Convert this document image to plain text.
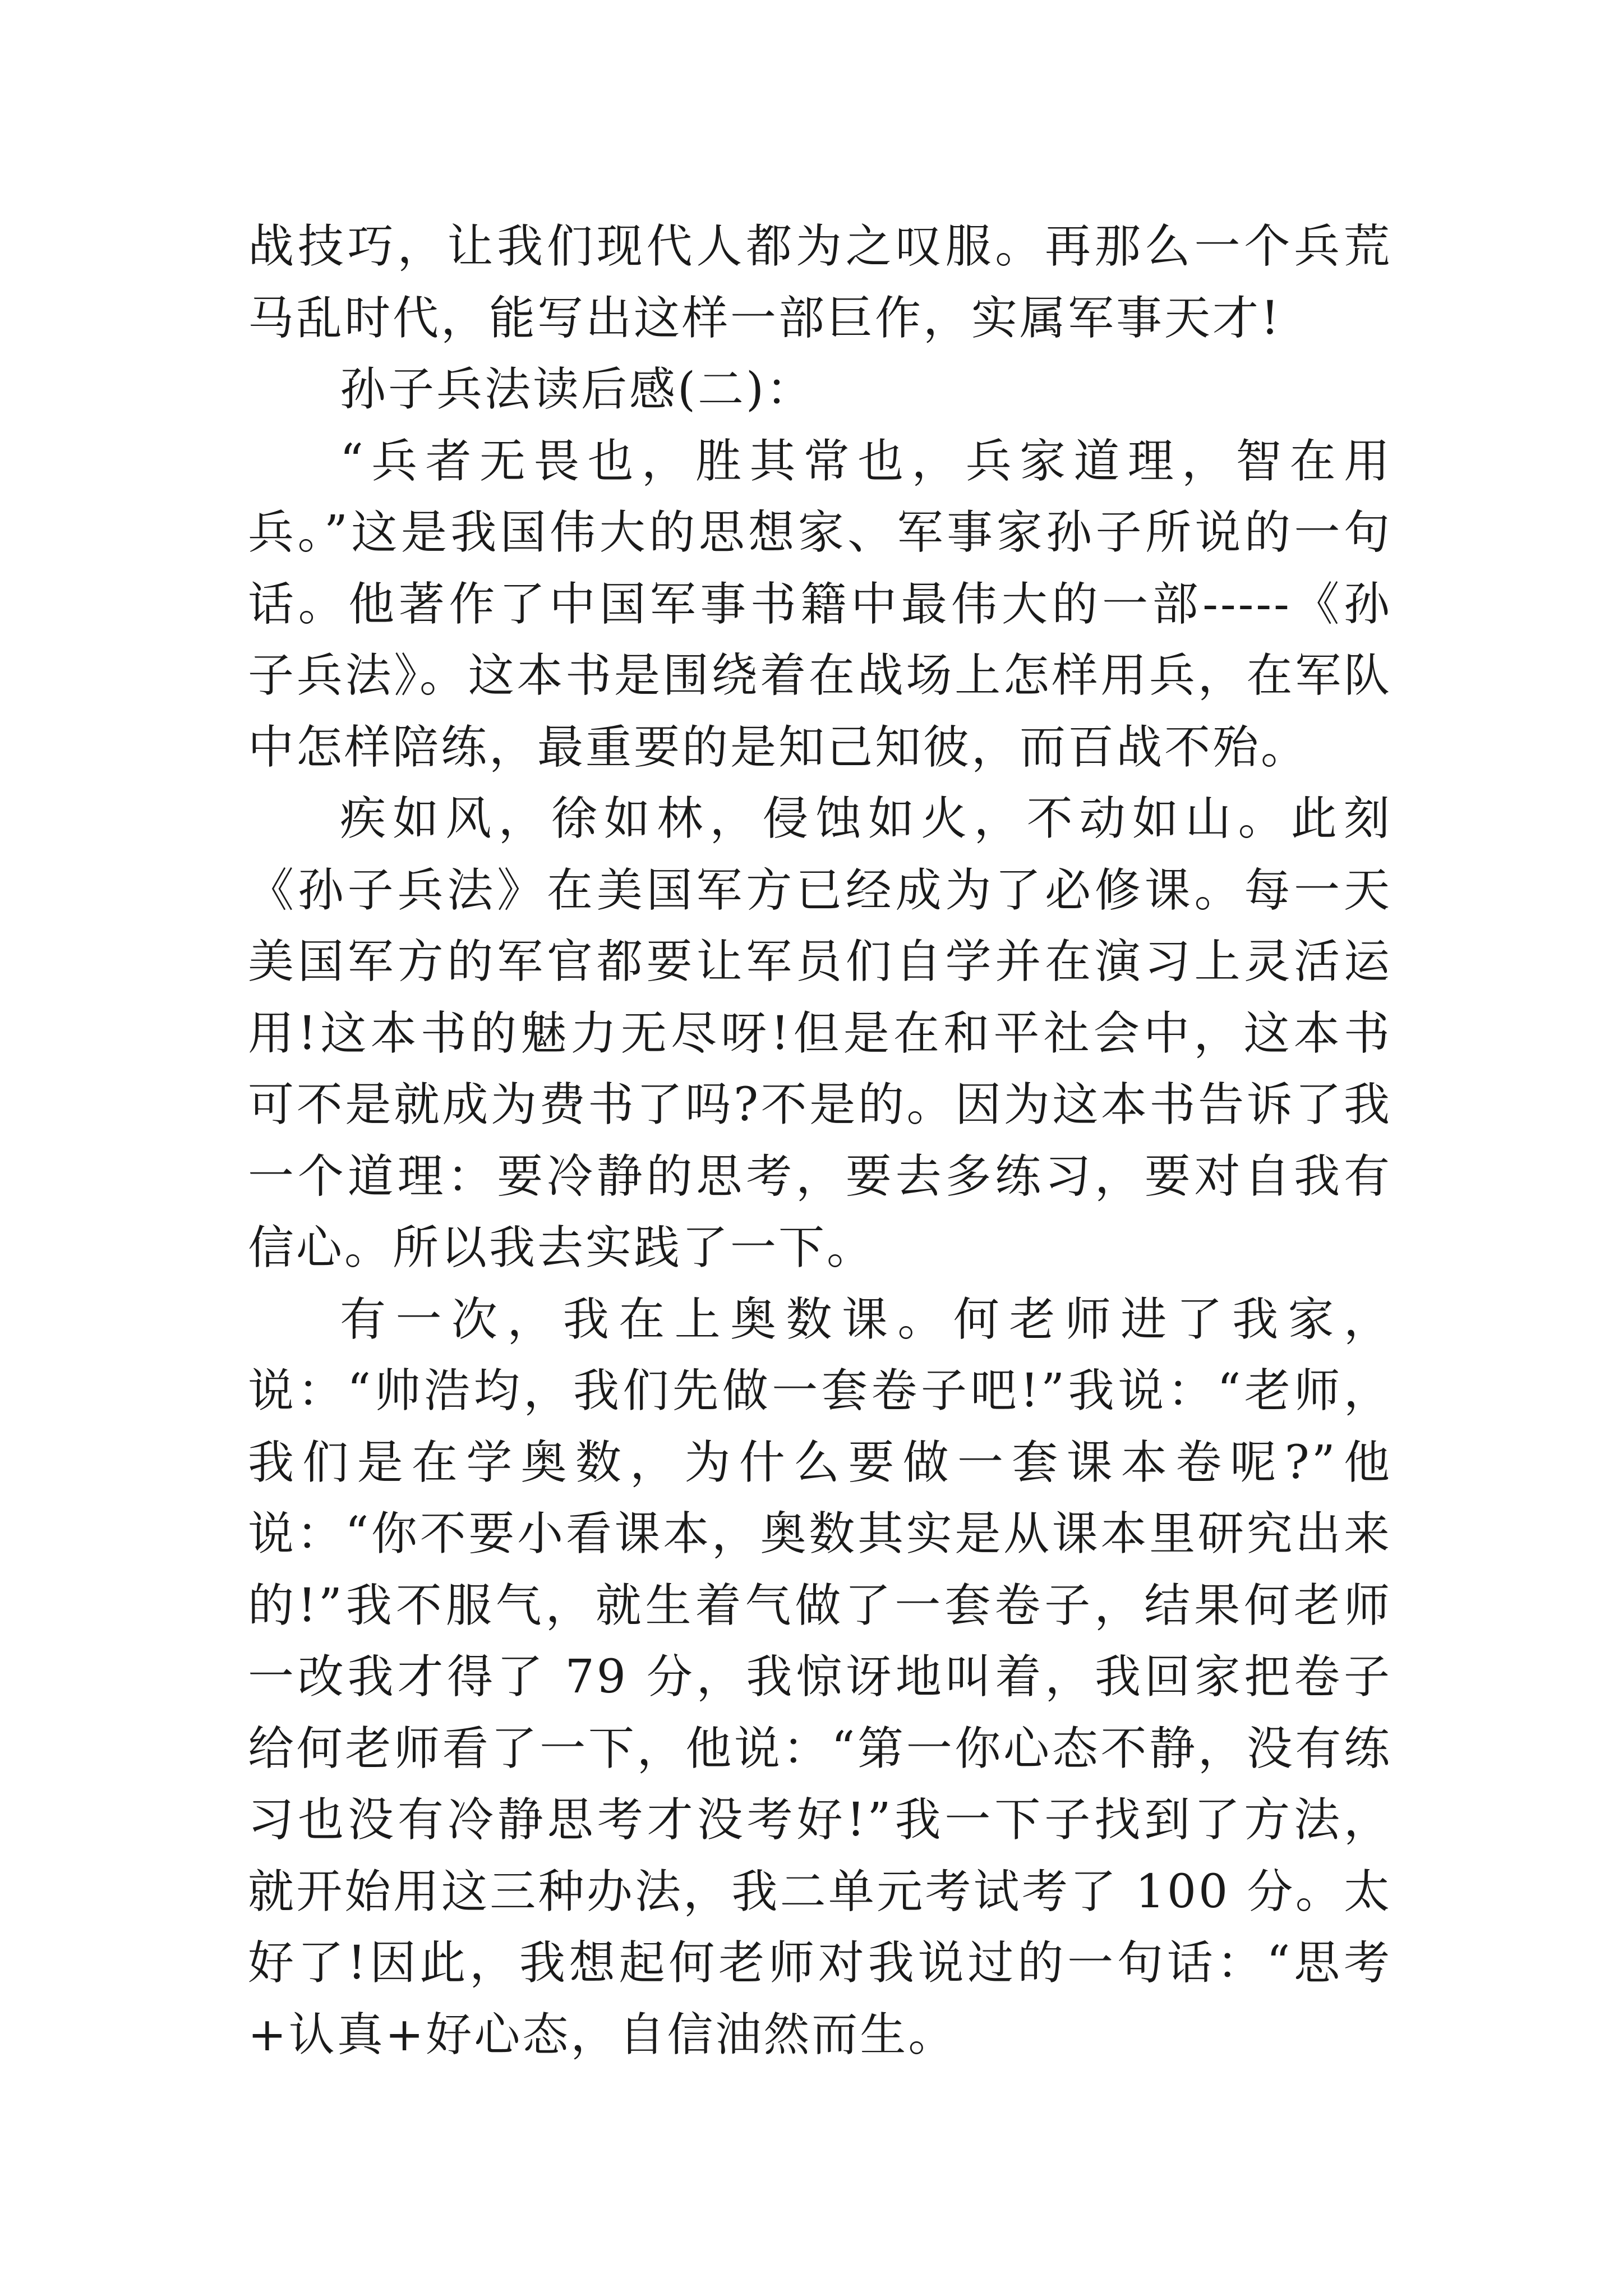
战技巧，让我们现代人都为之叹服。再那么一个兵荒马乱时代，能写出这样一部巨作，实属军事天才!

孙子兵法读后感(二)：

“兵者无畏也，胜其常也，兵家道理，智在用兵。”这是我国伟大的思想家、军事家孙子所说的一句话。他著作了中国军事书籍中最伟大的一部-----《孙子兵法》。这本书是围绕着在战场上怎样用兵，在军队中怎样陪练，最重要的是知己知彼，而百战不殆。

疾如风，徐如林，侵蚀如火，不动如山。此刻《孙子兵法》在美国军方已经成为了必修课。每一天美国军方的军官都要让军员们自学并在演习上灵活运用!这本书的魅力无尽呀!但是在和平社会中，这本书可不是就成为费书了吗?不是的。因为这本书告诉了我一个道理：要冷静的思考，要去多练习，要对自我有信心。所以我去实践了一下。

有一次，我在上奥数课。何老师进了我家，说：“帅浩均，我们先做一套卷子吧!”我说：“老师，我们是在学奥数，为什么要做一套课本卷呢?”他说：“你不要小看课本，奥数其实是从课本里研究出来的!”我不服气，就生着气做了一套卷子，结果何老师一改我才得了 79 分，我惊讶地叫着，我回家把卷子给何老师看了一下，他说：“第一你心态不静，没有练习也没有冷静思考才没考好!”我一下子找到了方法，就开始用这三种办法，我二单元考试考了 100 分。太好了!因此，我想起何老师对我说过的一句话：“思考+认真+好心态，自信油然而生。
